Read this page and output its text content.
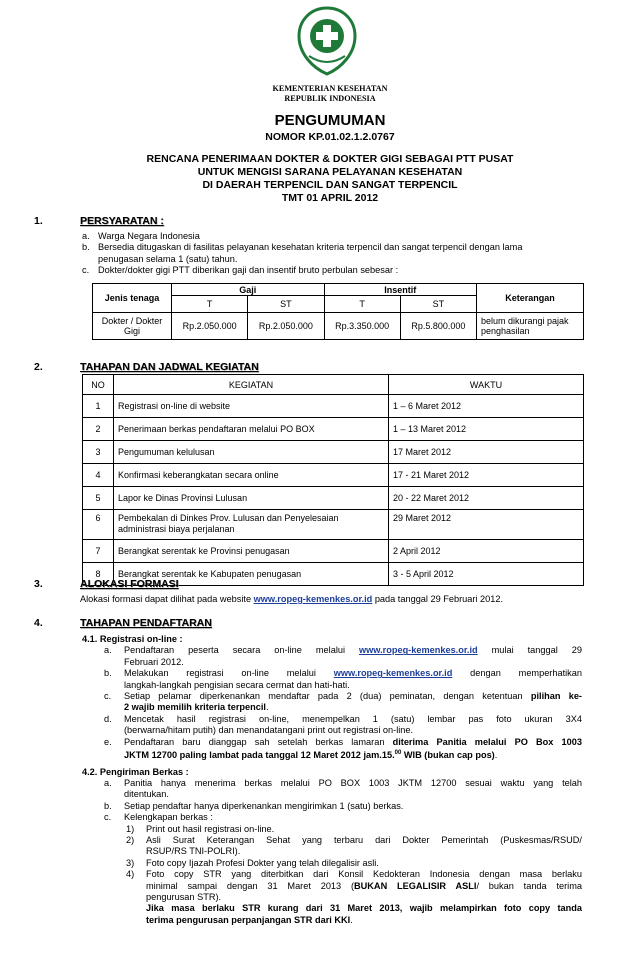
KEMENTERIAN KESEHATAN
REPUBLIK INDONESIA
PENGUMUMAN
NOMOR KP.01.02.1.2.0767
RENCANA PENERIMAAN DOKTER & DOKTER GIGI SEBAGAI PTT PUSAT
UNTUK MENGISI SARANA PELAYANAN KESEHATAN
DI DAERAH TERPENCIL DAN SANGAT TERPENCIL
TMT 01 APRIL 2012
1.	PERSYARATAN :
a. Warga Negara Indonesia
b. Bersedia ditugaskan di fasilitas pelayanan kesehatan kriteria terpencil dan sangat terpencil dengan lama
penugasan selama 1 (satu) tahun.
c. Dokter/dokter gigi PTT diberikan gaji dan insentif bruto perbulan sebesar :
Jenis tenaga	Gaji		Insentif		Keterangan
	T	ST	T	ST	
Dokter / Dokter Gigi	Rp.2.050.000	Rp.2.050.000	Rp.3.350.000	Rp.5.800.000	belum dikurangi pajak penghasilan
2.	TAHAPAN DAN JADWAL KEGIATAN
NO	KEGIATAN	WAKTU
1	Registrasi on-line di website	1 – 6 Maret 2012
2	Penerimaan berkas pendaftaran melalui PO BOX	1 – 13 Maret 2012
3	Pengumuman kelulusan	17 Maret 2012
4	Konfirmasi keberangkatan secara online	17 - 21 Maret 2012
5	Lapor ke Dinas Provinsi Lulusan	20 - 22 Maret 2012
6	Pembekalan di Dinkes Prov. Lulusan dan Penyelesaian administrasi biaya perjalanan	29 Maret 2012
7	Berangkat serentak ke Provinsi penugasan	2 April 2012
8	Berangkat serentak ke Kabupaten penugasan	3 - 5 April 2012
3.	ALOKASI FORMASI
Alokasi formasi dapat dilihat pada website www.ropeg-kemenkes.or.id pada tanggal 29 Februari 2012.
4.	TAHAPAN PENDAFTARAN
4.1. Registrasi on-line :
a. Pendaftaran peserta secara on-line melalui www.ropeg-kemenkes.or.id mulai tanggal 29
Februari 2012.
b. Melakukan registrasi on-line melalui www.ropeg-kemenkes.or.id dengan memperhatikan
langkah-langkah pengisian secara cermat dan hati-hati.
c. Setiap pelamar diperkenankan mendaftar pada 2 (dua) peminatan, dengan ketentuan pilihan ke-
2 wajib memilih kriteria terpencil.
d. Mencetak hasil registrasi on-line, menempelkan 1 (satu) lembar pas foto ukuran 3X4
(berwarna/hitam putih) dan menandatangani print out registrasi on-line.
e. Pendaftaran baru dianggap sah setelah berkas lamaran diterima Panitia melalui PO Box 1003
JKTM 12700 paling lambat pada tanggal 12 Maret 2012 jam.15.00 WIB (bukan cap pos).
4.2. Pengiriman Berkas :
a. Panitia hanya menerima berkas melalui PO BOX 1003 JKTM 12700 sesuai waktu yang telah
ditentukan.
b. Setiap pendaftar hanya diperkenankan mengirimkan 1 (satu) berkas.
c. Kelengkapan berkas :
1) Print out hasil registrasi on-line.
2) Asli Surat Keterangan Sehat yang terbaru dari Dokter Pemerintah (Puskesmas/RSUD/
RSUP/RS TNI-POLRI).
3) Foto copy Ijazah Profesi Dokter yang telah dilegalisir asli.
4) Foto copy STR yang diterbitkan dari Konsil Kedokteran Indonesia dengan masa berlaku
minimal sampai dengan 31 Maret 2013 (BUKAN LEGALISIR ASLI/ bukan tanda terima
pengurusan STR).
Jika masa berlaku STR kurang dari 31 Maret 2013, wajib melampirkan foto copy tanda
terima pengurusan perpanjangan STR dari KKI.
